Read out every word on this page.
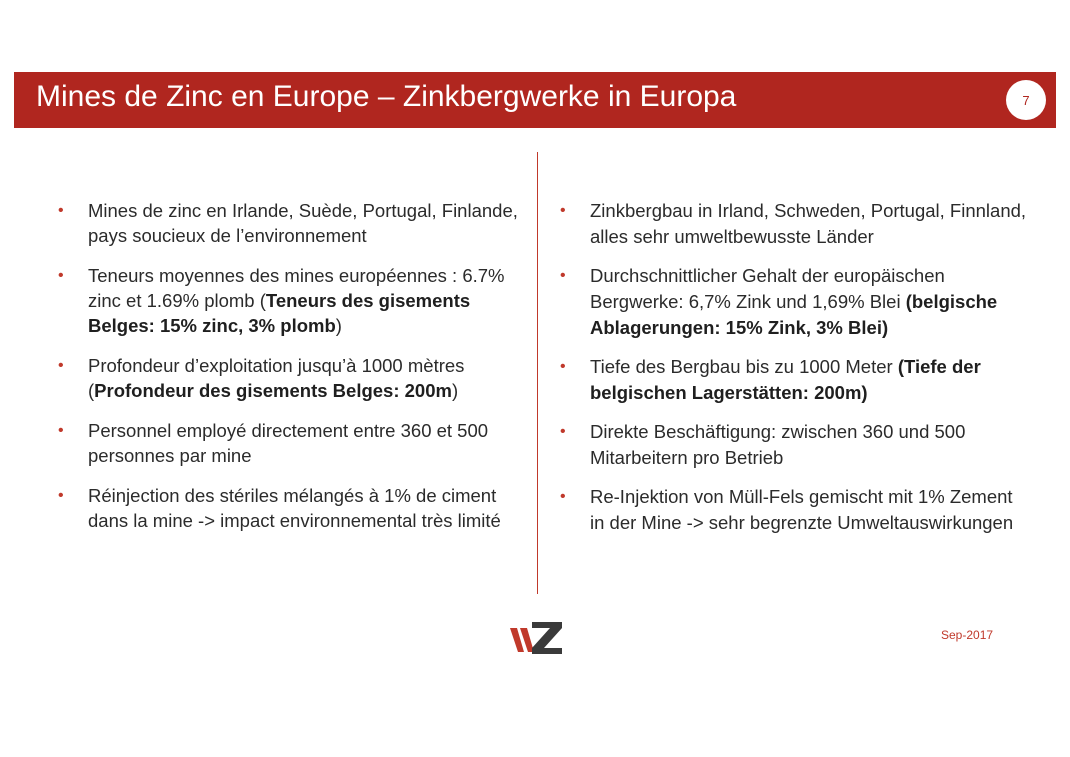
Mines de Zinc en Europe – Zinkbergwerke in Europa	7
• Mines de zinc en Irlande, Suède, Portugal, Finlande, pays soucieux de l’environnement
• Teneurs moyennes des mines européennes : 6.7% zinc et 1.69% plomb (Teneurs des gisements Belges: 15% zinc, 3% plomb)
• Profondeur d’exploitation jusqu’à 1000 mètres (Profondeur des gisements Belges: 200m)
• Personnel employé directement entre 360 et 500 personnes par mine
• Réinjection des stériles mélangés à 1% de ciment dans la mine -> impact environnemental très limité
• Zinkbergbau in Irland, Schweden, Portugal, Finnland, alles sehr umweltbewusste Länder
• Durchschnittlicher Gehalt der europäischen Bergwerke: 6,7% Zink und 1,69% Blei (belgische Ablagerungen: 15% Zink, 3% Blei)
• Tiefe des Bergbau bis zu 1000 Meter (Tiefe der belgischen Lagerstätten: 200m)
• Direkte Beschäftigung: zwischen 360 und 500 Mitarbeitern pro Betrieb
• Re-Injektion von Müll-Fels gemischt mit 1% Zement in der Mine -> sehr begrenzte Umweltauswirkungen
Sep-2017
